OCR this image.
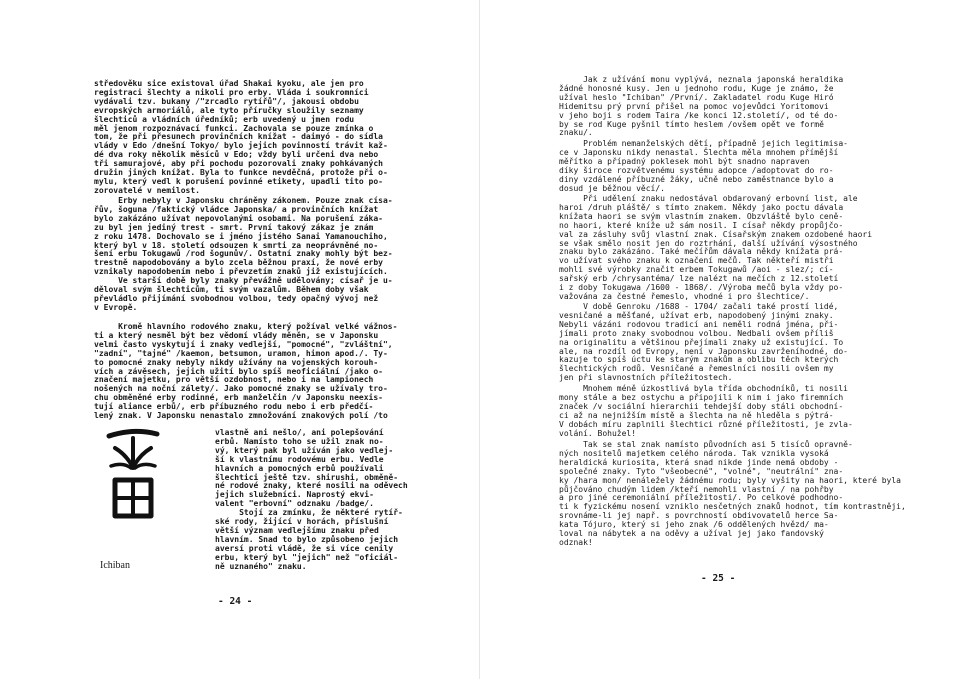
středověku sice existoval úřad Shakai kyoku, ale jen pro
registraci šlechty a nikoli pro erby. Vláda i soukromníci
vydávali tzv. bukany /"zrcadlo rytířů"/, jakousi obdobu
evropských armoriálů, ale tyto příručky sloužily seznamy
šlechticů a vládních úředníků; erb uvedený u jmen rodu
měl jenom rozpoznávací funkci. Zachovala se pouze zmínka o
tom, že při přesunech provinčních knížat - daimyó - do sídla
vlády v Edo /dnešní Tokyo/ bylo jejich povinností trávit kaž-
dé dva roky několik měsíců v Edo; vždy byli určeni dva nebo
tři samurajové, aby při pochodu pozorovali znaky pohkávaných
družin jiných knížat. Byla to funkce nevděčná, protože při o-
mylu, který vedl k porušení povinné etikety, upadli tito po-
zorovatelé v nemilost.

Erby nebyly v Japonsku chráněny zákonem. Pouze znak císa-
řův, šoguna /faktický vládce Japonska/ a provinčních knížat
bylo zakázáno užívat nepovolanými osobami. Na porušení záka-
zu byl jen jediný trest - smrt. První takový zákaz je znám
z roku 1478. Dochovalo se i jméno jistého Sanai Yamanouchiho,
který byl v 18. století odsouzen k smrti za neoprávněné no-
šení erbu Tokugawů /rod šogunův/. Ostatní znaky mohly být bez-
trestně napodobovány a bylo zcela běžnou praxí, že nové erby
vznikaly napodobením nebo i převzetím znaků již existujících.
Ve starší době byly znaky převážně udělovány; císař je u-
děloval svým šlechticům, ti svým vazalům. Během doby však
převládlo přijímání svobodnou volbou, tedy opačný vývoj než
v Evropě.

Kromě hlavního rodového znaku, který požíval velké vážnos-
ti a který nesměl být bez vědomí vlády měněn, se v Japonsku
velmi často vyskytují i znaky vedlejší, "pomocné", "zvláštní",
"zadní", "tajné" /kaemon, betsumon, uramon, himon apod./. Ty-
to pomocné znaky nebyly nikdy užívány na vojenských korouh-
vích a závěsech, jejich užití bylo spíš neoficiální /jako o-
značení majetku, pro větší ozdobnost, nebo i na lampionech
nošených na noční zálety/. Jako pomocné znaky se užívaly tro-
chu obměněné erby rodinné, erb manželčin /v Japonsku neexis-
tují aliance erbů/, erb příbuzného rodu nebo i erb předčí-
lený znak. V Japonsku nenastalo zmnožování znakových polí /to

vlastně ani nešlo/, ani polepšování
erbů. Namísto toho se užil znak no-
vý, který pak byl užíván jako vedlej-
ší k vlastnímu rodovému erbu. Vedle
hlavních a pomocných erbů používali
šlechtici ještě tzv. shirushi, obměně-
né rodové znaky, které nosili na oděvech
jejich služebníci. Naprostý ekvi-
valent "erbovní" odznaku /badge/.
Stojí za zmínku, že některé rytíř-
ské rody, žijící v horách, příslušní
větší význam vedlejšímu znaku před
hlavním. Snad to bylo způsobeno jejich
aversí proti vládě, že si více cenily
erbu, který byl "jejich" než "oficiál-
ně uznaného" znaku.

Ichiban
- 24 -

Jak z užívání monu vyplývá, neznala japonská heraldika
žádné honosné kusy. Jen u jednoho rodu, Kuge je známo, že
užíval heslo "Ichiban" /První/. Zakladatel rodu Kuge Hiró
Hidemitsu prý první přišel na pomoc vojevůdci Yoritomovi
v jeho boji s rodem Taira /ke konci 12.století/, od té do-
by se rod Kuge pyšnil tímto heslem /ovšem opět ve formě
znaku/.

Problém nemanželských dětí, případně jejich legitimisa-
ce v Japonsku nikdy nenastal. Šlechta měla mnohem přímější
měřítko a případný poklesek mohl být snadno napraven
díky široce rozvětvenému systému adopce /adoptovat do ro-
diny vzdálené příbuzné žáky, učně nebo zaměstnance bylo a
dosud je běžnou věcí/.

Při udělení znaku nedostával obdarovaný erbovní list, ale
haroi /druh pláště/ s tímto znakem. Někdy jako poctu dávala
knížata haori se svým vlastním znakem. Obzvláště bylo ceně-
no haori, které kníže už sám nosil. I císař někdy propůjčo-
val za zásluhy svůj vlastní znak. Císařským znakem ozdobené haori
se však smělo nosit jen do roztrhání, další užívání výsostného
znaku bylo zakázáno. Také mečířům dávala někdy knížata prá-
vo užívat svého znaku k označení mečů. Tak někteří mistři
mohli své výrobky značit erbem Tokugawů /aoi - slez/; cí-
sařský erb /chrysantéma/ lze nalézt na mečích z 12.století
i z doby Tokugawa /1600 - 1868/. /Výroba mečů byla vždy po-
važována za čestné řemeslo, vhodné i pro šlechtice/.

V době Genroku /1688 - 1704/ začali také prostí lidé,
vesničané a měšťané, užívat erb, napodobený jinými znaky.
Nebyli vázáni rodovou tradicí ani neměli rodná jména, při-
jímali proto znaky svobodnou volbou. Nedbali ovšem příliš
na originalitu a většinou přejímali znaky už existující. To
ale, na rozdíl od Evropy, není v Japonsku zavrženíhodné, do-
kazuje to spíš úctu ke starým znakům a oblibu těch kterých
šlechtických rodů. Vesničané a řemeslníci nosili ovšem my
jen při slavnostních příležitostech.

Mnohem méně úzkostlivá byla třída obchodníků, ti nosili
mony stále a bez ostychu a připojili k nim i jako firemních
značek /v sociální hierarchii tehdejší doby stáli obchodní-
ci až na nejnižším místě a šlechta na ně hleděla s pýtrá-
V dobách míru zaplnili šlechtici různé příležitosti, je zvla-
volání. Bohužel!

Tak se stal znak namísto původních asi 5 tisíců opravně-
ných nositelů majetkem celého národa. Tak vznikla vysoká
heraldická kuriosita, která snad nikde jinde nemá obdoby -
společné znaky. Tyto "všeobecné", "volné", "neutrální" zna-
ky /hara mon/ nenáležely žádnému rodu; byly vyšity na haori, které byla
půjčováno chudým lidem /kteří nemohli vlastní / na pohřby
a pro jiné ceremoniální příležitosti/. Po celkové podhodno-
ti k fyzickému nosení vzniklo nesčetných znaků hodnot, tím kontrastněji,
srovnáme-li jej např. s povrchností obdivovatelů herce Sa-
kata Tójuro, který si jeho znak /6 oddělených hvězd/ ma-
loval na nábytek a na oděvy a užíval jej jako fandovský
odznak!

- 25 -
